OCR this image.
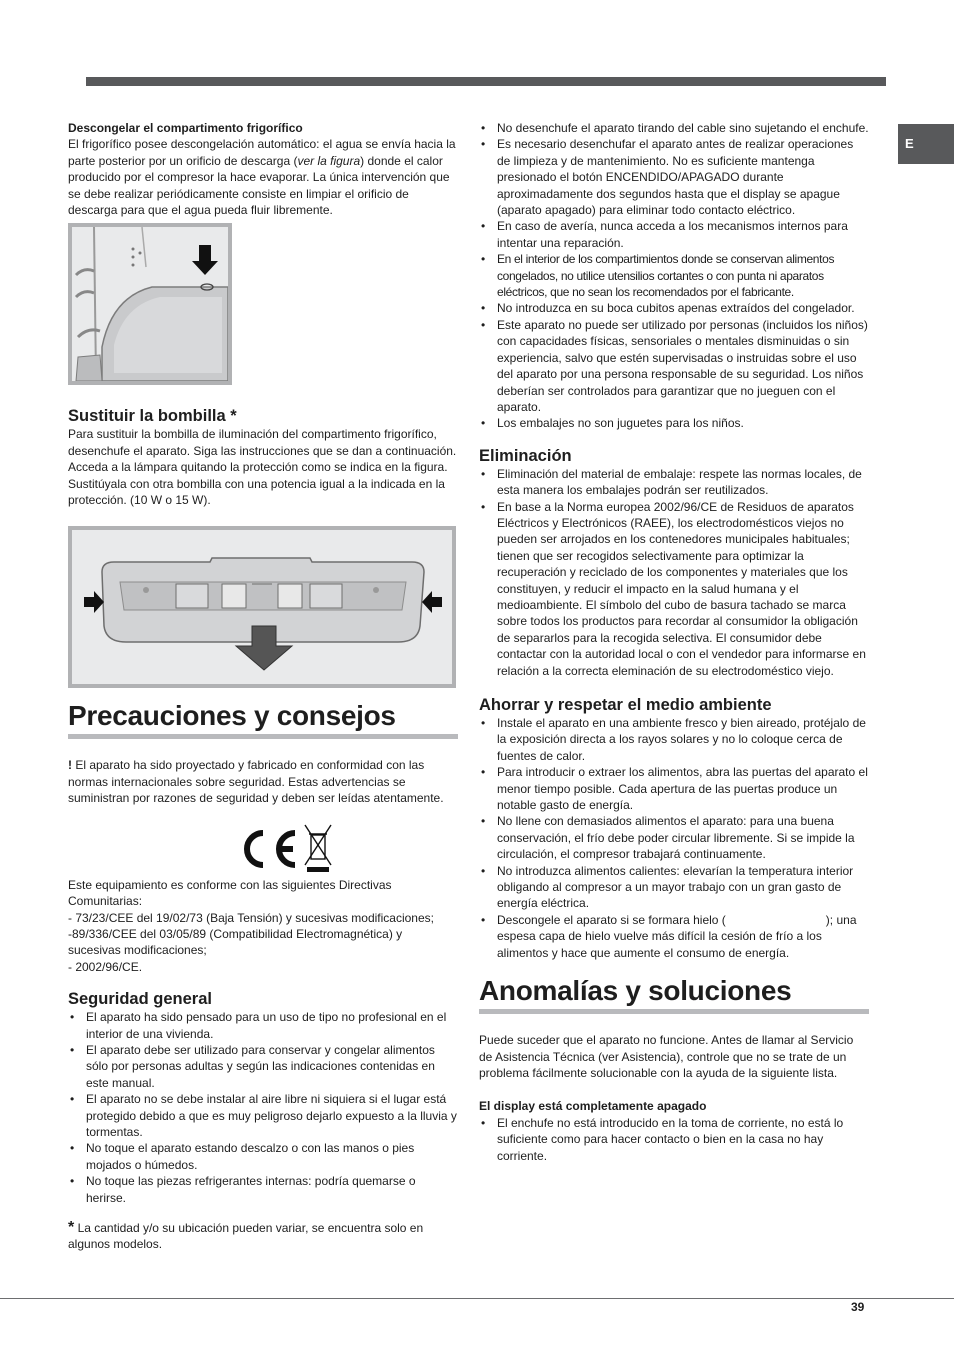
E

Descongelar el compartimento frigorífico

El frigorífico posee descongelación automático: el agua se envía hacia la parte posterior por un orificio de descarga (ver la figura) donde el calor producido por el compresor la hace evaporar. La única intervención que se debe realizar periódicamente consiste en limpiar el orificio de descarga para que el agua pueda fluir libremente.

Sustituir la bombilla *

Para sustituir la bombilla de iluminación del compartimento frigorífico, desenchufe el aparato. Siga las instrucciones que se dan a continuación. Acceda a la lámpara quitando la protección como se indica en la figura. Sustitúyala con otra bombilla con una potencia igual a la indicada en la protección. (10 W o 15 W).

Precauciones y consejos

! El aparato ha sido proyectado y fabricado en conformidad con las normas internacionales sobre seguridad. Estas advertencias se suministran por razones de seguridad y deben ser leídas atentamente.

Este equipamiento es conforme con las siguientes Directivas Comunitarias:

- 73/23/CEE del 19/02/73 (Baja Tensión) y sucesivas modificaciones;

-89/336/CEE del 03/05/89 (Compatibilidad Electromagnética) y sucesivas modificaciones;

- 2002/96/CE.

Seguridad general
• El aparato ha sido pensado para un uso de tipo no profesional en el interior de una vivienda.
• El aparato debe ser utilizado para conservar y congelar alimentos sólo por personas adultas y según las indicaciones contenidas en este manual.
• El aparato no se debe instalar al aire libre ni siquiera si el lugar está protegido debido a que es muy peligroso dejarlo expuesto a la lluvia y tormentas.
• No toque el aparato estando descalzo o con las manos o pies mojados o húmedos.
• No toque las piezas refrigerantes internas: podría quemarse o herirse.

* La cantidad y/o su ubicación pueden variar, se encuentra solo en algunos modelos.

• No desenchufe el aparato tirando del cable sino sujetando el enchufe.
• Es necesario desenchufar el aparato antes de realizar operaciones de limpieza y de mantenimiento. No es suficiente mantenga presionado el botón ENCENDIDO/APAGADO durante aproximadamente dos segundos hasta que el display se apague (aparato apagado) para eliminar todo contacto eléctrico.
• En caso de avería, nunca acceda a los mecanismos internos para intentar una reparación.
• En el interior de los compartimientos donde se conservan alimentos congelados, no utilice utensilios cortantes o con punta ni aparatos eléctricos, que no sean los recomendados por el fabricante.
• No introduzca en su boca cubitos apenas extraídos del congelador.
• Este aparato no puede ser utilizado por personas (incluidos los niños) con capacidades físicas, sensoriales o mentales disminuidas o sin experiencia, salvo que estén supervisadas o instruidas sobre el uso del aparato por una persona responsable de su seguridad. Los niños deberían ser controlados para garantizar que no jueguen con el aparato.
• Los embalajes no son juguetes para los niños.
Eliminación
• Eliminación del material de embalaje: respete las normas locales, de esta manera los embalajes podrán ser reutilizados.
• En base a la Norma europea 2002/96/CE de Residuos de aparatos Eléctricos y Electrónicos (RAEE), los electrodomésticos viejos no pueden ser arrojados en los contenedores municipales habituales; tienen que ser recogidos selectivamente para optimizar la recuperación y reciclado de los componentes y materiales que los constituyen, y reducir el impacto en la salud humana y el medioambiente. El símbolo del cubo de basura tachado se marca sobre todos los productos para recordar al consumidor la obligación de separarlos para la recogida selectiva. El consumidor debe contactar con la autoridad local o con el vendedor para informarse en relación a la correcta eleminación de su electrodoméstico viejo.
Ahorrar y respetar el medio ambiente
• Instale el aparato en una ambiente fresco y bien aireado, protéjalo de la exposición directa a los rayos solares y no lo coloque cerca de fuentes de calor.
• Para introducir o extraer los alimentos, abra las puertas del aparato el menor tiempo posible. Cada apertura de las puertas produce un notable gasto de energía.
• No llene con demasiados alimentos el aparato: para una buena conservación, el frío debe poder circular libremente. Si se impide la circulación, el compresor trabajará continuamente.
• No introduzca alimentos calientes: elevarían la temperatura interior obligando al compresor a un mayor trabajo con un gran gasto de energía eléctrica.
• Descongele el aparato si se formara hielo (                              ); una espesa capa de hielo vuelve más difícil la cesión de frío a los alimentos y hace que aumente el consumo de energía.
Anomalías y soluciones

Puede suceder que el aparato no funcione. Antes de llamar al Servicio de Asistencia Técnica (ver Asistencia), controle que no se trate de un problema fácilmente solucionable con la ayuda de la siguiente lista.

El display está completamente apagado

• El enchufe no está introducido en la toma de corriente, no está lo suficiente como para hacer contacto o bien en la casa no hay corriente.
39
